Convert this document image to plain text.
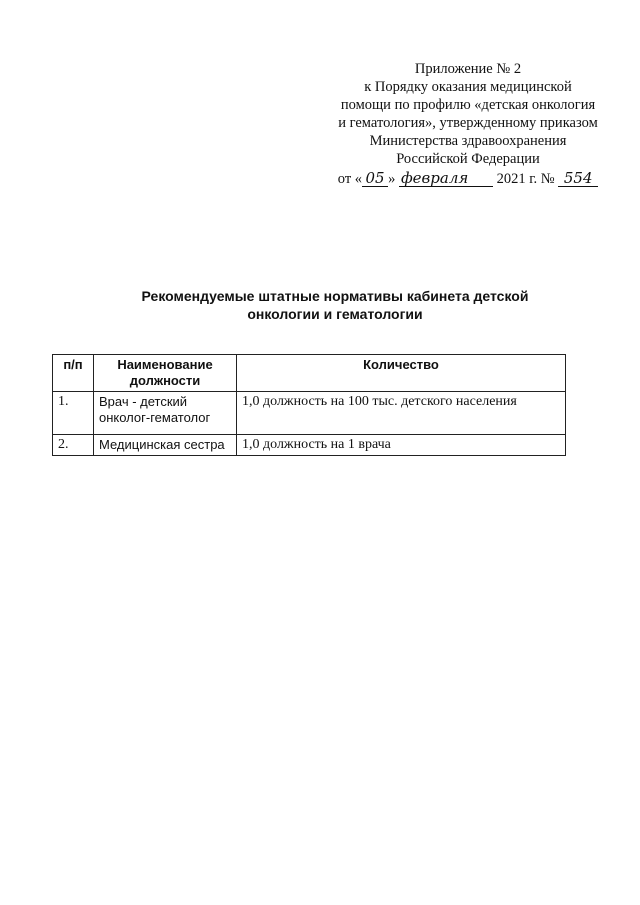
Приложение № 2
к Порядку оказания медицинской
помощи по профилю «детская онкология
и гематология», утвержденному приказом
Министерства здравоохранения
Российской Федерации
от « 05 » февраля 2021 г. № 554
Рекомендуемые штатные нормативы кабинета детской
онкологии и гематологии
п/п	Наименование должности	Количество
1.	Врач - детский онколог-гематолог	1,0 должность на 100 тыс. детского населения
2.	Медицинская сестра	1,0 должность на 1 врача
